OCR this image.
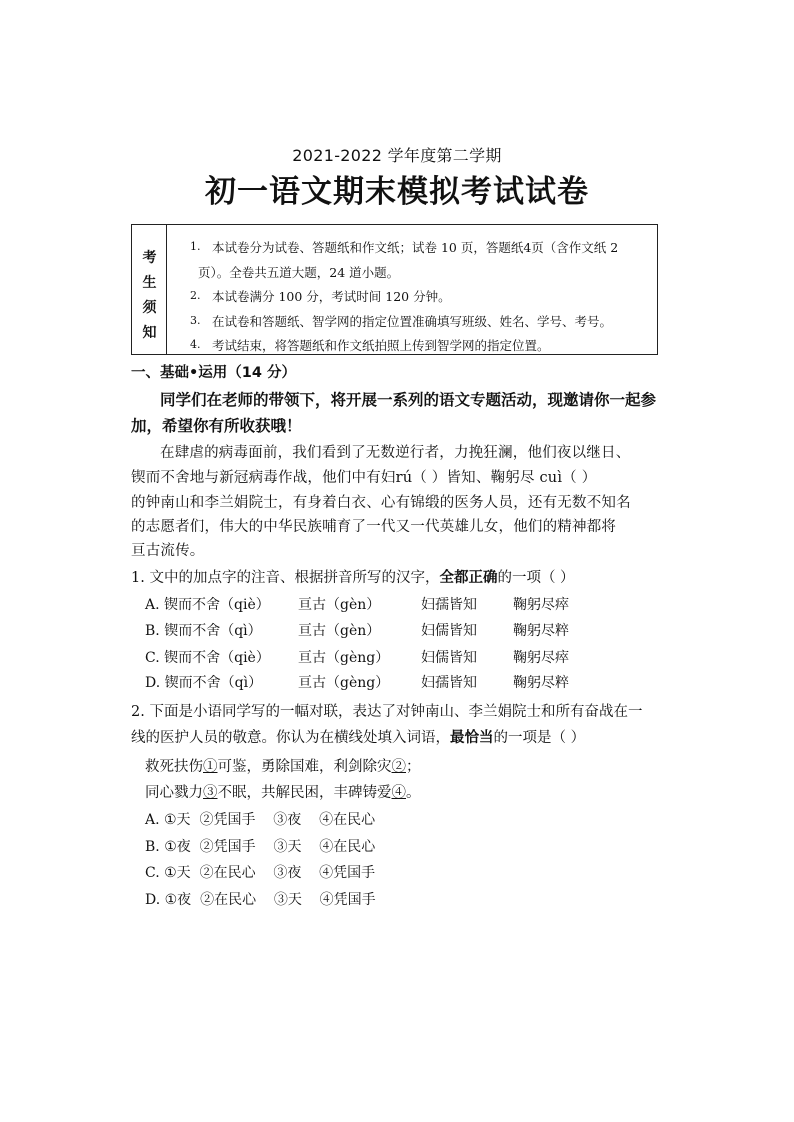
2021-2022 学年度第二学期
初一语文期末模拟考试试卷
考
生
须
知
1. 本试卷分为试卷、答题纸和作文纸；试卷 10 页，答题纸4页（含作文纸 2
页）。全卷共五道大题，24 道小题。
2. 本试卷满分 100 分，考试时间 120 分钟。
3. 在试卷和答题纸、智学网的指定位置准确填写班级、姓名、学号、考号。
4. 考试结束，将答题纸和作文纸拍照上传到智学网的指定位置。
一、基础•运用（14 分）
同学们在老师的带领下，将开展一系列的语文专题活动，现邀请你一起参
加，希望你有所收获哦！
在肆虐的病毒面前，我们看到了无数逆行者，力挽狂澜，他们夜以继日、
锲而不舍地与新冠病毒作战，他们中有妇rú（ ）皆知、鞠躬尽 cuì（ ）
的钟南山和李兰娟院士，有身着白衣、心有锦缎的医务人员，还有无数不知名
的志愿者们，伟大的中华民族哺育了一代又一代英雄儿女，他们的精神都将
亘古流传。
1. 文中的加点字的注音、根据拼音所写的汉字，全都正确的一项（ ）
A. 锲而不舍（qiè） 亘古（gèn）	妇孺皆知	鞠躬尽瘁
B. 锲而不舍（qì）	亘古（gèn）	妇儒皆知	鞠躬尽粹
C. 锲而不舍（qiè） 亘古（gèng） 妇儒皆知	鞠躬尽瘁
D. 锲而不舍（qì）	亘古（gèng） 妇孺皆知	鞠躬尽粹
2. 下面是小语同学写的一幅对联，表达了对钟南山、李兰娟院士和所有奋战在一
线的医护人员的敬意。你认为在横线处填入词语，最恰当的一项是（ ）
救死扶伤①可鉴，勇除国难，利剑除灾②；
同心戮力③不眠，共解民困，丰碑铸爱④。
A. ①天  ②凭国手    ③夜    ④在民心
B. ①夜  ②凭国手    ③天    ④在民心
C. ①天  ②在民心    ③夜    ④凭国手
D. ①夜  ②在民心    ③天    ④凭国手
